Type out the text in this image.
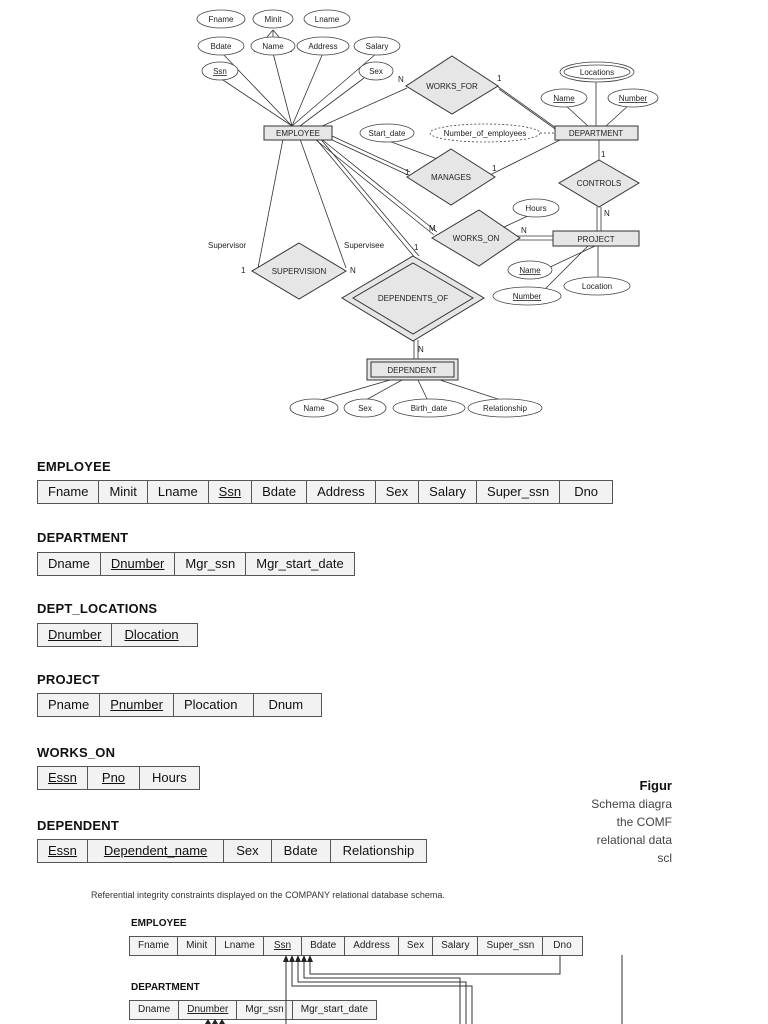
Fname	Minit	Lname
Bdate	Name	Address	Salary
Ssn	Sex	Locations
Name	Number
Start_date	Number_of_employees
Hours
Name
Number
Location
Name	Sex	Birth_date	Relationship
EMPLOYEE	DEPARTMENT
PROJECT
DEPENDENT
WORKS_FOR
MANAGES
CONTROLS
WORKS_ON
SUPERVISION
DEPENDENTS_OF
N	1
1	1
1
N
M	N
1	N
1
N
Supervisor	Supervisee
EMPLOYEE
Fname	Minit	Lname	Ssn	Bdate	Address	Sex	Salary	Super_ssn	Dno
DEPARTMENT
Dname	Dnumber	Mgr_ssn	Mgr_start_date
DEPT_LOCATIONS
Dnumber	Dlocation
PROJECT
Pname	Pnumber	Plocation	Dnum
WORKS_ON
Essn	Pno	Hours
DEPENDENT
Essn	Dependent_name	Sex	Bdate	Relationship
Figur
Schema diagra
the COMF
relational data
scl
Referential integrity constraints displayed on the COMPANY relational database schema.
EMPLOYEE
Fname	Minit	Lname	Ssn	Bdate	Address	Sex	Salary	Super_ssn	Dno
DEPARTMENT
Dname	Dnumber	Mgr_ssn	Mgr_start_date
